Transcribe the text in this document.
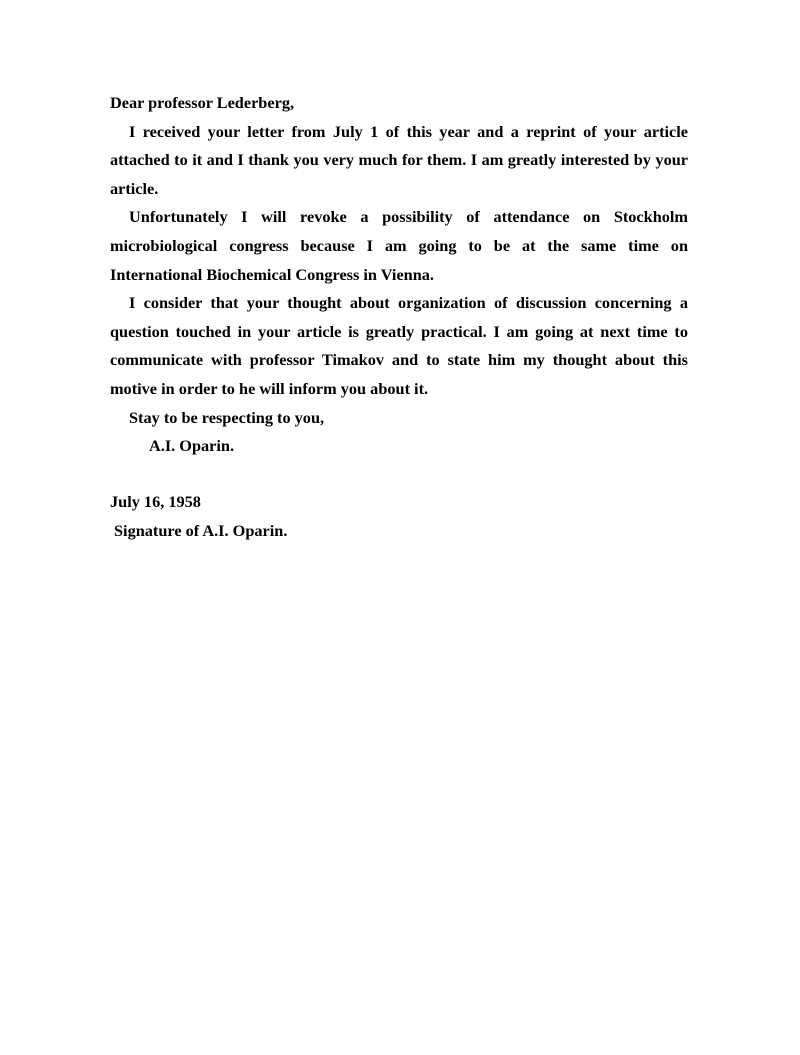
Dear professor Lederberg,

I received your letter from July 1 of this year and a reprint of your article attached to it and I thank you very much for them. I am greatly interested by your article.

Unfortunately I will revoke a possibility of attendance on Stockholm microbiological congress because I am going to be at the same time on International Biochemical Congress in Vienna.

I consider that your thought about organization of discussion concerning a question touched in your article is greatly practical. I am going at next time to communicate with professor Timakov and to state him my thought about this motive in order to he will inform you about it.

Stay to be respecting to you,

A.I. Oparin.

July 16, 1958

Signature of A.I. Oparin.
